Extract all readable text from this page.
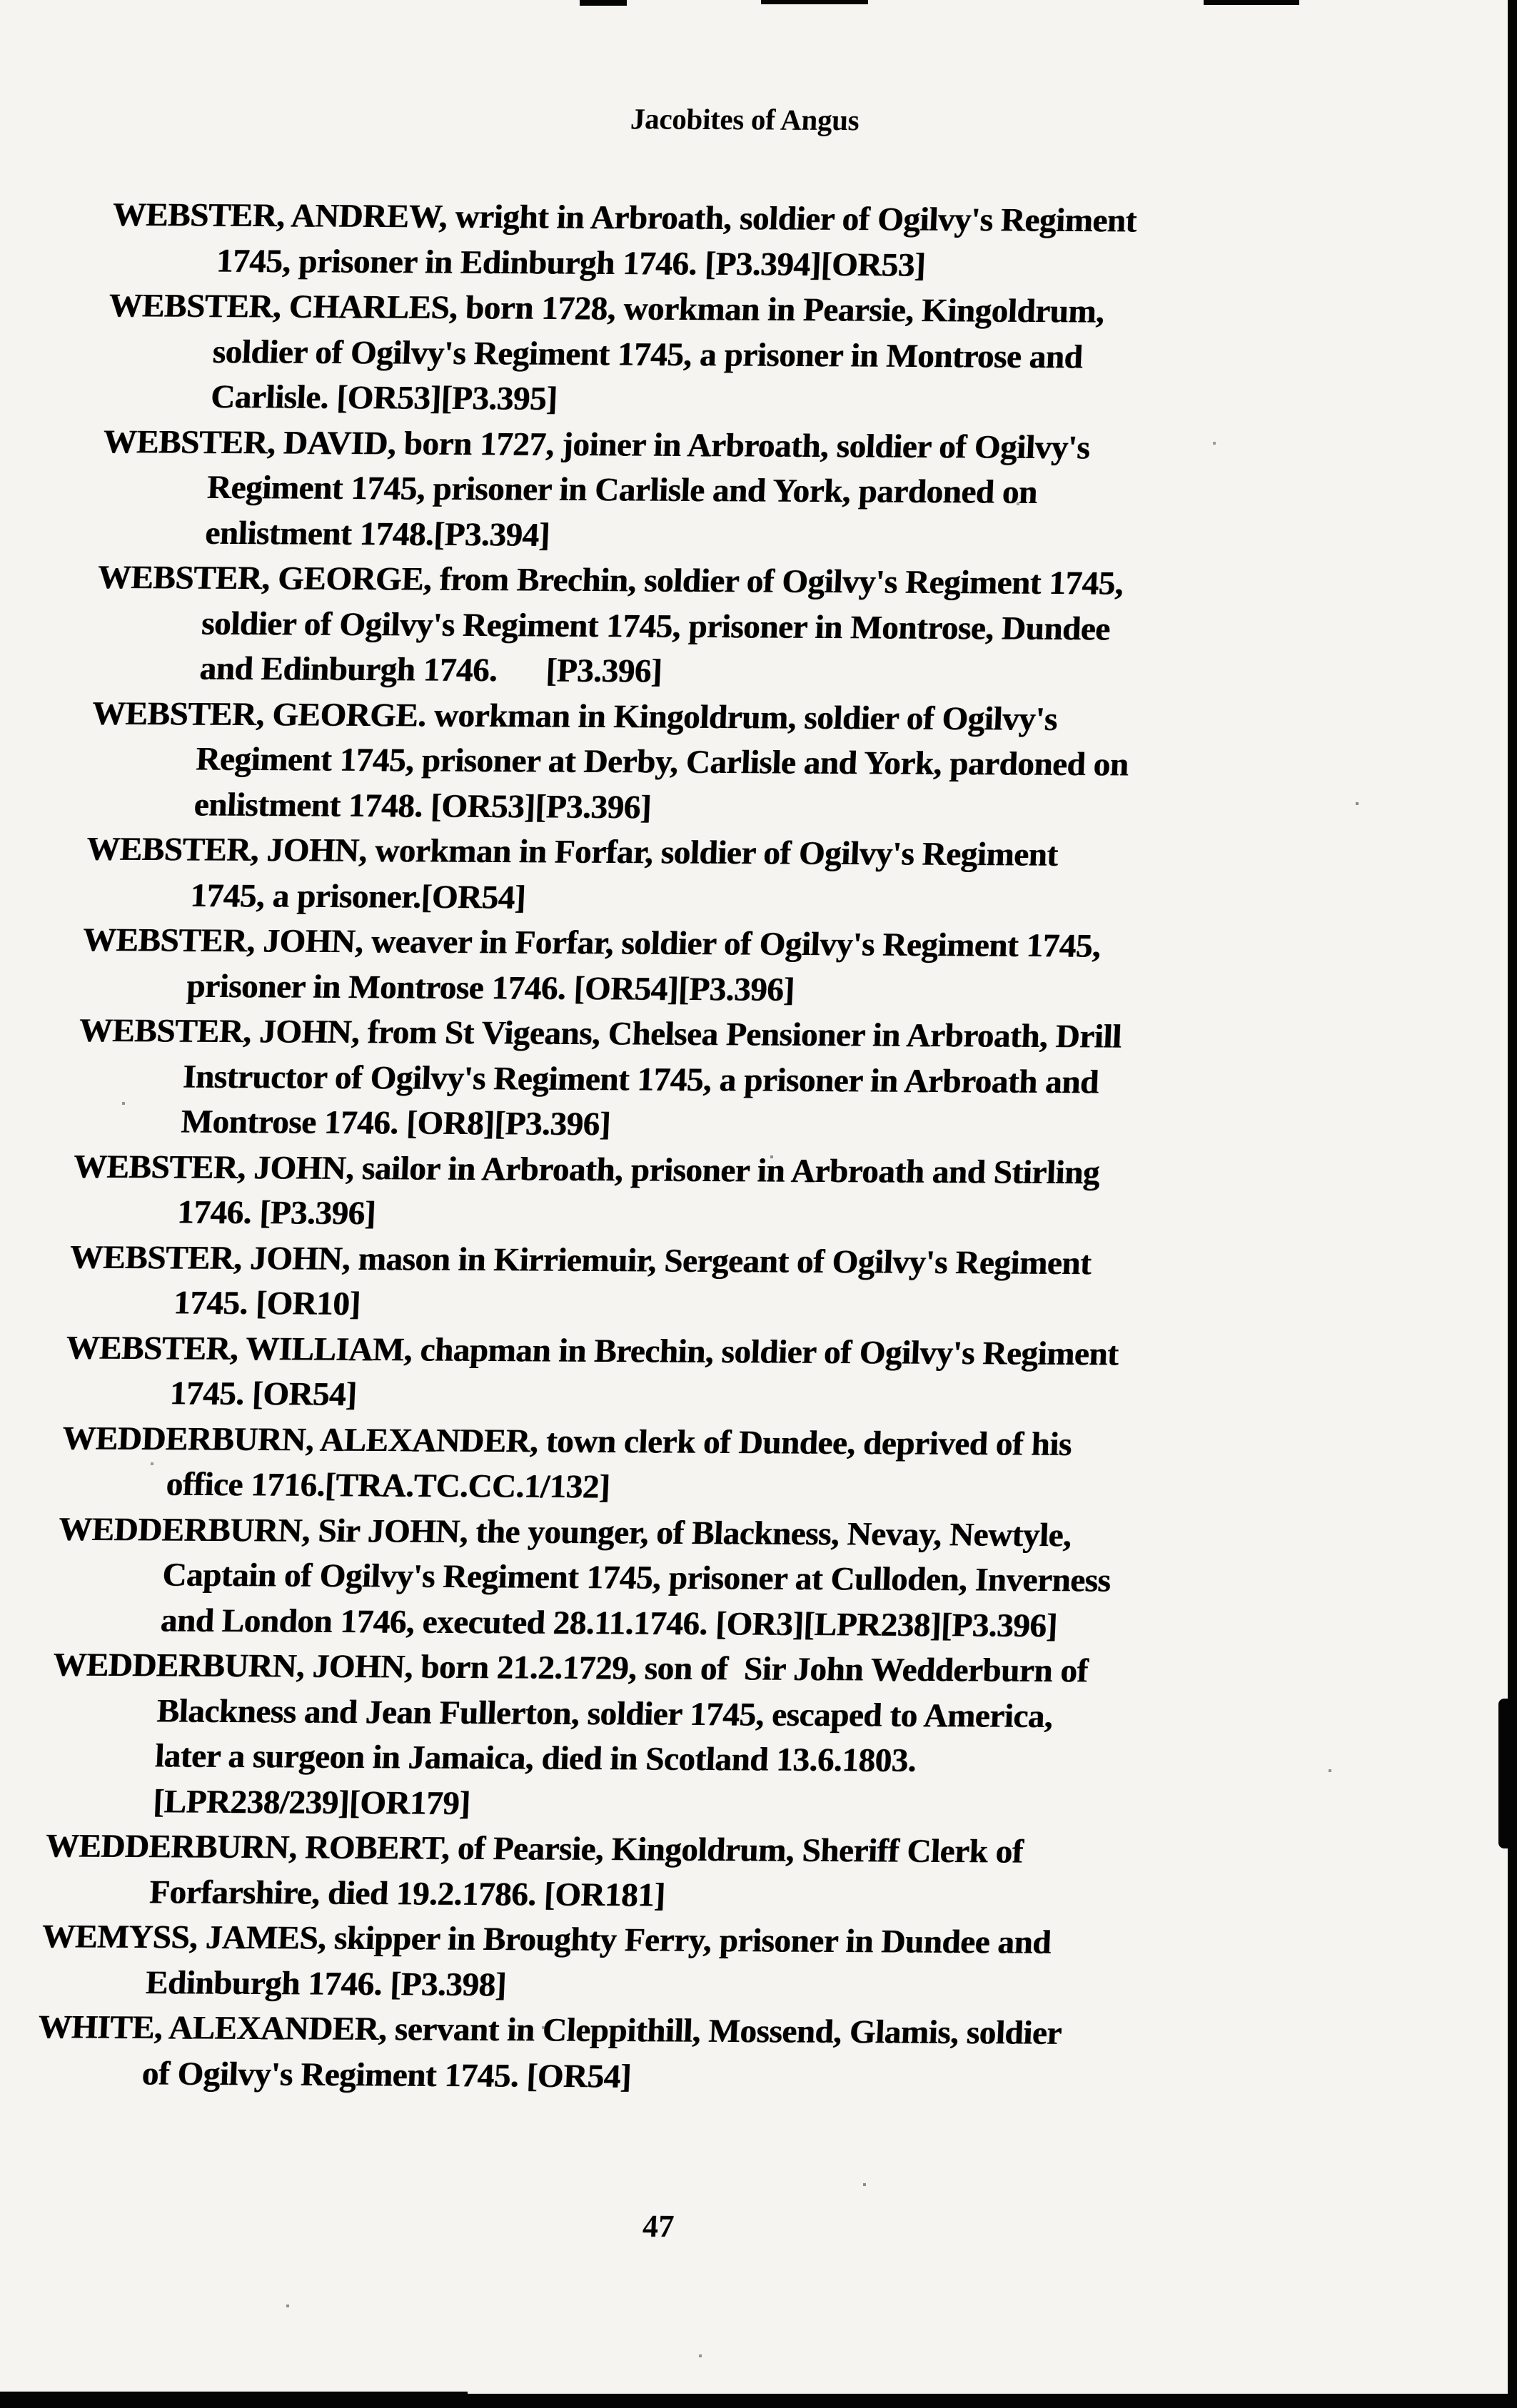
Jacobites of Angus
WEBSTER, ANDREW, wright in Arbroath, soldier of Ogilvy's Regiment
1745, prisoner in Edinburgh 1746. [P3.394][OR53]
WEBSTER, CHARLES, born 1728, workman in Pearsie, Kingoldrum,
soldier of Ogilvy's Regiment 1745, a prisoner in Montrose and
Carlisle. [OR53][P3.395]
WEBSTER, DAVID, born 1727, joiner in Arbroath, soldier of Ogilvy's
Regiment 1745, prisoner in Carlisle and York, pardoned on
enlistment 1748.[P3.394]
WEBSTER, GEORGE, from Brechin, soldier of Ogilvy's Regiment 1745,
soldier of Ogilvy's Regiment 1745, prisoner in Montrose, Dundee
and Edinburgh 1746.      [P3.396]
WEBSTER, GEORGE. workman in Kingoldrum, soldier of Ogilvy's
Regiment 1745, prisoner at Derby, Carlisle and York, pardoned on
enlistment 1748. [OR53][P3.396]
WEBSTER, JOHN, workman in Forfar, soldier of Ogilvy's Regiment
1745, a prisoner.[OR54]
WEBSTER, JOHN, weaver in Forfar, soldier of Ogilvy's Regiment 1745,
prisoner in Montrose 1746. [OR54][P3.396]
WEBSTER, JOHN, from St Vigeans, Chelsea Pensioner in Arbroath, Drill
Instructor of Ogilvy's Regiment 1745, a prisoner in Arbroath and
Montrose 1746. [OR8][P3.396]
WEBSTER, JOHN, sailor in Arbroath, prisoner in Arbroath and Stirling
1746. [P3.396]
WEBSTER, JOHN, mason in Kirriemuir, Sergeant of Ogilvy's Regiment
1745. [OR10]
WEBSTER, WILLIAM, chapman in Brechin, soldier of Ogilvy's Regiment
1745. [OR54]
WEDDERBURN, ALEXANDER, town clerk of Dundee, deprived of his
office 1716.[TRA.TC.CC.1/132]
WEDDERBURN, Sir JOHN, the younger, of Blackness, Nevay, Newtyle,
Captain of Ogilvy's Regiment 1745, prisoner at Culloden, Inverness
and London 1746, executed 28.11.1746. [OR3][LPR238][P3.396]
WEDDERBURN, JOHN, born 21.2.1729, son of  Sir John Wedderburn of
Blackness and Jean Fullerton, soldier 1745, escaped to America,
later a surgeon in Jamaica, died in Scotland 13.6.1803.
[LPR238/239][OR179]
WEDDERBURN, ROBERT, of Pearsie, Kingoldrum, Sheriff Clerk of
Forfarshire, died 19.2.1786. [OR181]
WEMYSS, JAMES, skipper in Broughty Ferry, prisoner in Dundee and
Edinburgh 1746. [P3.398]
WHITE, ALEXANDER, servant in Cleppithill, Mossend, Glamis, soldier
of Ogilvy's Regiment 1745. [OR54]
47
